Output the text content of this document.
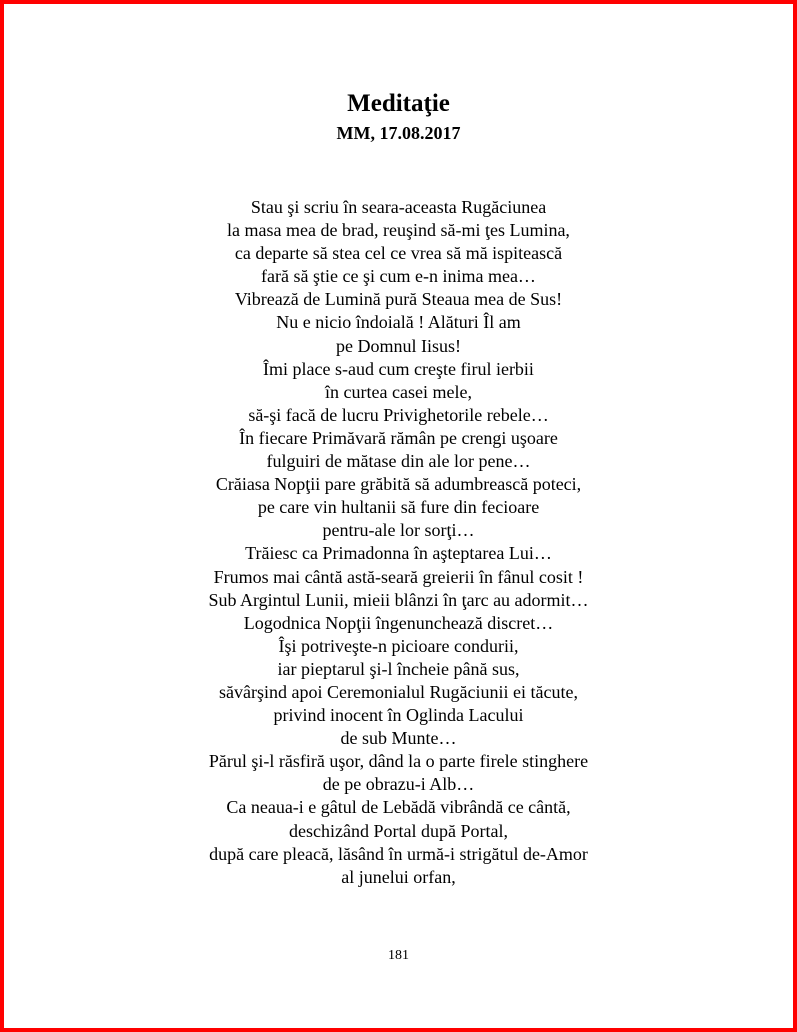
Meditaţie
MM, 17.08.2017
Stau şi scriu în seara-aceasta Rugăciunea
la masa mea de brad, reuşind să-mi ţes Lumina,
ca departe să stea cel ce vrea să mă ispitească
fară să ştie ce şi cum e-n inima mea…
Vibrează de Lumină pură Steaua mea de Sus!
Nu e nicio îndoială ! Alături Îl am
pe Domnul Iisus!
Îmi place s-aud cum creşte firul ierbii
în curtea casei mele,
să-şi facă de lucru Privighetorile rebele…
În fiecare Primăvară rămân pe crengi uşoare
fulguiri de mătase din ale lor pene…
Crăiasa Nopţii pare grăbită să adumbrească poteci,
pe care vin hultanii să fure din fecioare
pentru-ale lor sorţi…
Trăiesc ca Primadonna în aşteptarea Lui…
Frumos mai cântă astă-seară greierii în fânul cosit !
Sub Argintul Lunii, mieii blânzi în ţarc au adormit…
Logodnica Nopţii îngenunchează discret…
Îşi potriveşte-n picioare condurii,
iar pieptarul şi-l încheie până sus,
săvârşind apoi Ceremonialul Rugăciunii ei tăcute,
privind inocent în Oglinda Lacului
de sub Munte…
Părul şi-l răsfiră uşor, dând la o parte firele stinghere
de pe obrazu-i Alb…
Ca neaua-i e gâtul de Lebădă vibrândă ce cântă,
deschizând Portal după Portal,
după care pleacă, lăsând în urmă-i strigătul de-Amor
al junelui orfan,
181
